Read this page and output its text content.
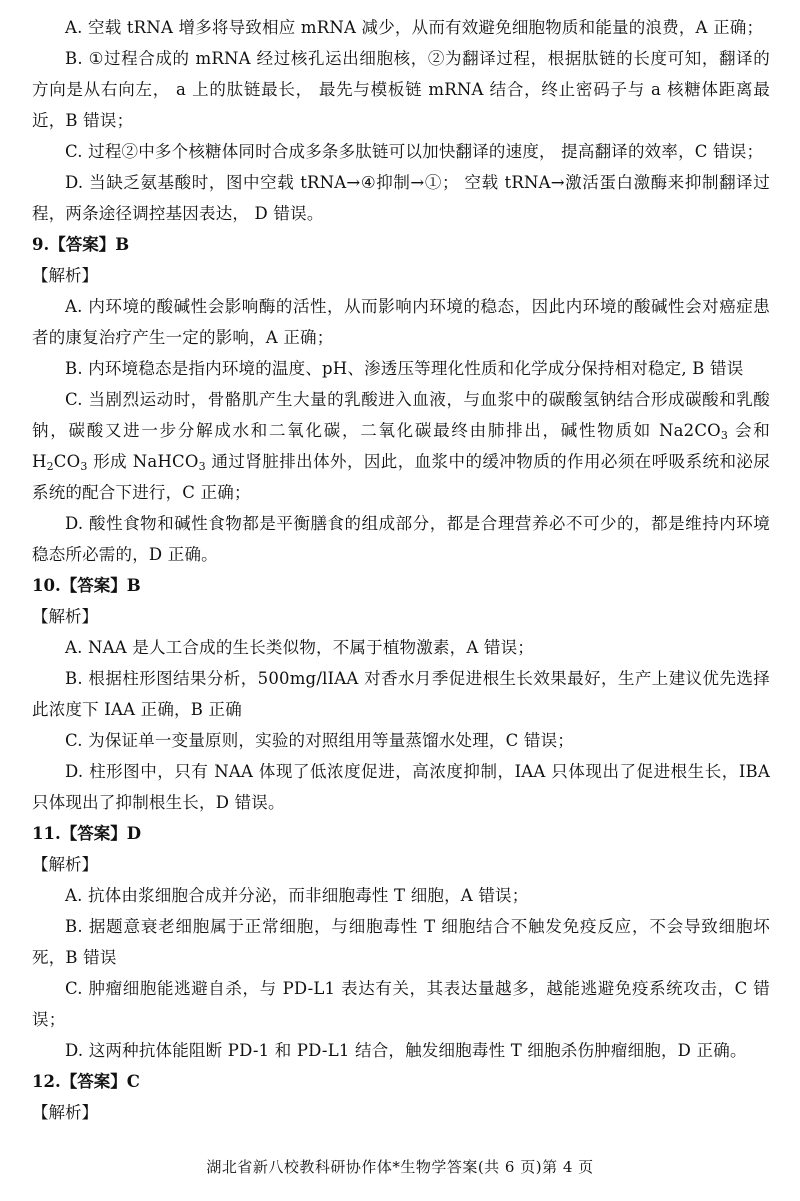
A. 空载 tRNA 增多将导致相应 mRNA 减少，从而有效避免细胞物质和能量的浪费，A 正确；

B. ①过程合成的 mRNA 经过核孔运出细胞核，②为翻译过程，根据肽链的长度可知，翻译的方向是从右向左， a 上的肽链最长， 最先与模板链 mRNA 结合，终止密码子与 a 核糖体距离最近，B 错误；

C. 过程②中多个核糖体同时合成多条多肽链可以加快翻译的速度， 提高翻译的效率，C 错误；

D. 当缺乏氨基酸时，图中空载 tRNA→④抑制→①； 空载 tRNA→激活蛋白激酶来抑制翻译过程，两条途径调控基因表达， D 错误。

9.【答案】B

【解析】

A. 内环境的酸碱性会影响酶的活性，从而影响内环境的稳态，因此内环境的酸碱性会对癌症患者的康复治疗产生一定的影响，A 正确；

B. 内环境稳态是指内环境的温度、pH、渗透压等理化性质和化学成分保持相对稳定, B 错误

C. 当剧烈运动时，骨骼肌产生大量的乳酸进入血液，与血浆中的碳酸氢钠结合形成碳酸和乳酸钠，碳酸又进一步分解成水和二氧化碳，二氧化碳最终由肺排出，碱性物质如 $Na2CO_3$ 会和 $H_2CO_3$ 形成 NaHCO$_3$ 通过肾脏排出体外，因此，血浆中的缓冲物质的作用必须在呼吸系统和泌尿系统的配合下进行，C 正确；

D. 酸性食物和碱性食物都是平衡膳食的组成部分，都是合理营养必不可少的，都是维持内环境稳态所必需的，D 正确。

10.【答案】B

【解析】

A. NAA 是人工合成的生长类似物，不属于植物激素，A 错误；

B. 根据柱形图结果分析，500mg/lIAA 对香水月季促进根生长效果最好，生产上建议优先选择此浓度下 IAA 正确，B 正确

C. 为保证单一变量原则，实验的对照组用等量蒸馏水处理，C 错误；

D. 柱形图中，只有 NAA 体现了低浓度促进，高浓度抑制，IAA 只体现出了促进根生长，IBA 只体现出了抑制根生长，D 错误。

11.【答案】D

【解析】

A. 抗体由浆细胞合成并分泌，而非细胞毒性 T 细胞，A 错误；

B. 据题意衰老细胞属于正常细胞，与细胞毒性 T 细胞结合不触发免疫反应，不会导致细胞坏死，B 错误

C. 肿瘤细胞能逃避自杀，与 PD-L1 表达有关，其表达量越多，越能逃避免疫系统攻击，C 错误；

D. 这两种抗体能阻断 PD-1 和 PD-L1 结合，触发细胞毒性 T 细胞杀伤肿瘤细胞，D 正确。

12.【答案】C

【解析】

湖北省新八校教科研协作体*生物学答案(共 6 页)第 4 页
